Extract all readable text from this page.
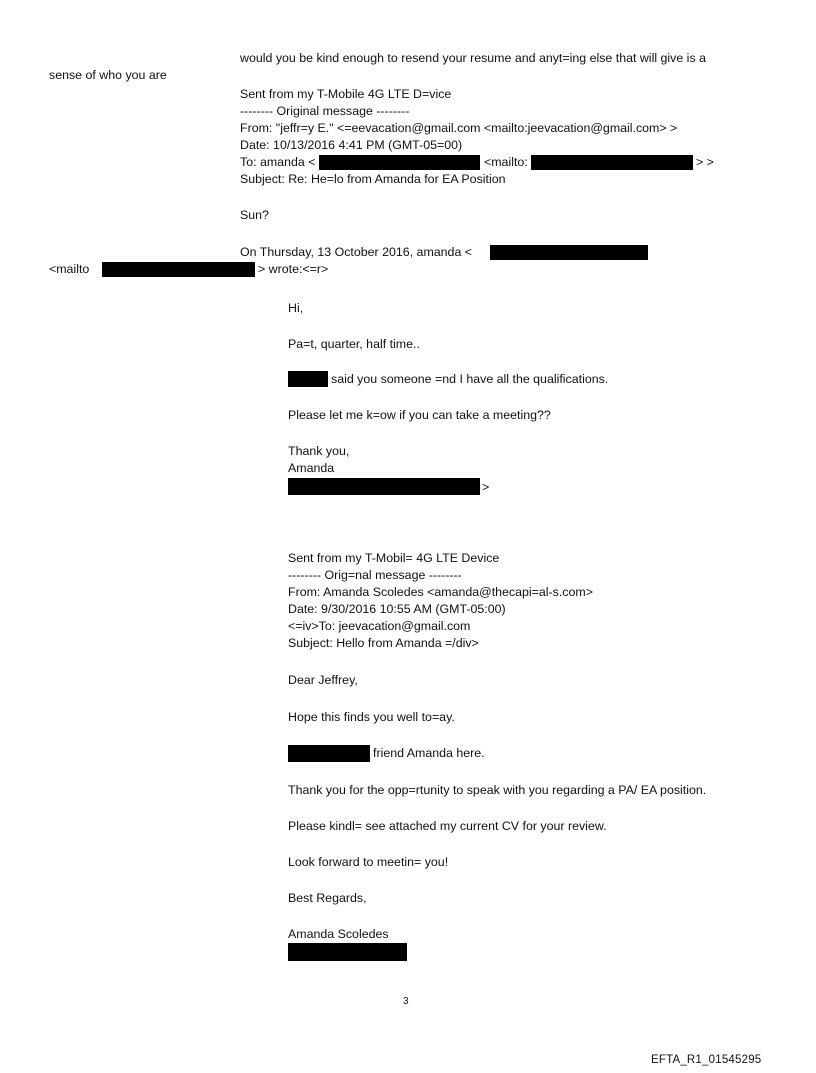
would you be kind enough to resend your resume and anyt=ing else that will give is a
sense of who you are
Sent from my T-Mobile 4G LTE D=vice
-------- Original message --------
From: "jeffr=y E." <=eevacation@gmail.com <mailto:jeevacation@gmail.com> >
Date: 10/13/2016 4:41 PM (GMT-05=00)
To: amanda <	<mailto:	> >
Subject: Re: He=lo from Amanda for EA Position
Sun?
On Thursday, 13 October 2016, amanda <
<mailto	> wrote:<=r>
Hi,
Pa=t, quarter, half time..
said you someone =nd I have all the qualifications.
Please let me k=ow if you can take a meeting??
Thank you,
Amanda
>
Sent from my T-Mobil= 4G LTE Device
-------- Orig=nal message --------
From: Amanda Scoledes <amanda@thecapi=al-s.com>
Date: 9/30/2016 10:55 AM (GMT-05:00)
<=iv>To: jeevacation@gmail.com
Subject: Hello from Amanda =/div>
Dear Jeffrey,
Hope this finds you well to=ay.
friend Amanda here.
Thank you for the opp=rtunity to speak with you regarding a PA/ EA position.
Please kindl= see attached my current CV for your review.
Look forward to meetin= you!
Best Regards,
Amanda Scoledes
3
EFTA_R1_01545295
